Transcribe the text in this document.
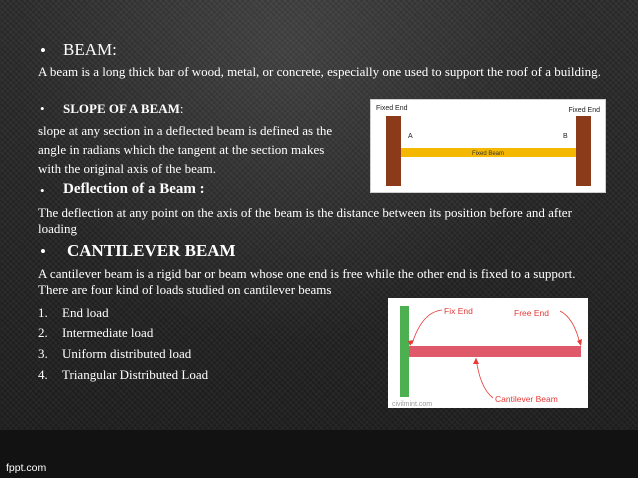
• BEAM:
A beam is a long thick bar of wood, metal, or concrete, especially one used to support the roof of a building.
• SLOPE OF A BEAM:
slope at any section in a deflected beam is defined as the
angle in radians which the tangent at the section makes
with the original axis of the beam.
Fixed End	Fixed End
A	B
Fixed Beam
• Deflection of a Beam :
The deflection at any point on the axis of the beam is the distance between its position before and after loading
• CANTILEVER BEAM
A cantilever beam is a rigid bar or beam whose one end is free while the other end is fixed to a support. There are four kind of loads studied on cantilever beams
1. End load
2. Intermediate load
3. Uniform distributed load
4. Triangular Distributed Load
Fix End	Free End
Cantilever Beam
civilmint.com
fppt.com
